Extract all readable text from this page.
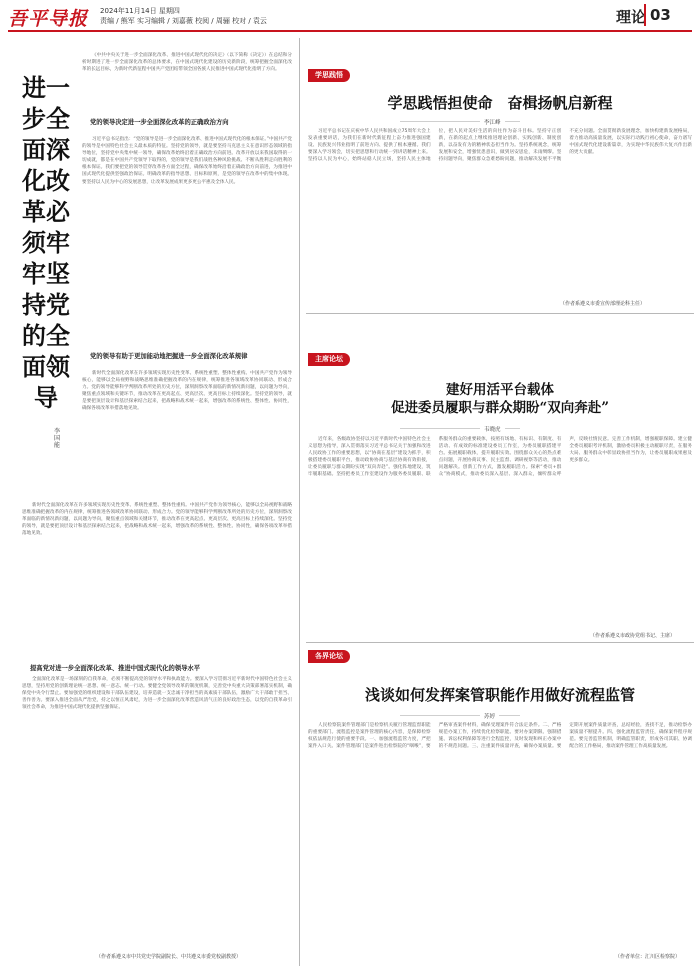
吾平导报 2024年11月14日 星期四
责编 / 熊军 实习编辑 / 刘嘉薇 校阅 / 周骊 校对 / 袁云	理论 03
进一步全面深化改革必须牢牢坚持党的全面领导
李国能
《中共中央关于进一步全面深化改革、推进中国式现代化的决定》（以下简称《决定》）在总结和分析时期进了进一步全面深化改革的总体要求，在中国式现代化建设的历史新阶段，统筹把握全面深化改革的长远目标，为新时代新征程中国共产党团结带领全国各族人民推进中国式现代化指明了方向。
党的领导决定进一步全面深化改革的正确政治方向
习近平总书记指出：“党的领导是进一步全面深化改革、推进中国式现代化的根本保证。”中国共产党的领导是中国特色社会主义最本质的特征。坚持党的领导，就是要坚持马克思主义在意识形态领域的指导地位，坚持党中央集中统一领导，确保改革始终沿着正确政治方向前进。改革开放以来我国取得的一切成就，都是在中国共产党领导下取得的，党的领导是我们战胜各种风险挑战、不断从胜利走向胜利的根本保证。我们要把党的领导贯穿改革各方面全过程，确保改革始终沿着正确政治方向前进，为推进中国式现代化提供坚强政治保证。明确改革的指导思想、目标和原则，是党的领导在改革中的集中体现。要坚持以人民为中心的发展思想，让改革发展成果更多更公平惠及全体人民。
党的领导有助于更加能动地把握进一步全面深化改革规律
新时代全面深化改革在许多领域实现历史性变革、系统性重塑、整体性重构。中国共产党作为领导核心，能够以全局视野和战略思维准确把握改革的内在规律，统筹推进各领域改革协同联动、形成合力。党的领导能够科学判断改革所处的历史方位，深刻洞察改革面临的新情况新问题，以问题为导向，聚焦重点领域和关键环节，推动改革在更高起点、更高层次、更高目标上持续深化。坚持党的领导，就是要把顶层设计和基层探索结合起来，把战略和战术统一起来，增强改革的系统性、整体性、协同性，确保各项改革举措落地见效。
新时代全面深化改革在许多领域实现历史性变革、系统性重塑、整体性重构。中国共产党作为领导核心，能够以全局视野和战略思维准确把握改革的内在规律，统筹推进各领域改革协同联动、形成合力。党的领导能够科学判断改革所处的历史方位，深刻洞察改革面临的新情况新问题，以问题为导向，聚焦重点领域和关键环节，推动改革在更高起点、更高层次、更高目标上持续深化。坚持党的领导，就是要把顶层设计和基层探索结合起来，把战略和战术统一起来，增强改革的系统性、整体性、协同性，确保各项改革举措落地见效。
提高党对进一步全面深化改革、推进中国式现代化的领导水平
全面深化改革是一场深刻的自我革命，必须不断提高党的领导水平和执政能力。要深入学习贯彻习近平新时代中国特色社会主义思想，坚持用党的创新理论统一思想、统一意志、统一行动。要健全党领导改革的制度机制，完善党中央重大决策部署落实机制，确保党中央令行禁止。要加强党的组织建设和干部队伍建设，培养造就一支忠诚干净担当的高素质干部队伍，激励广大干部敢于担当、善作善为。要深入推进全面从严治党，持之以恒正风肃纪，为进一步全面深化改革营造风清气正的良好政治生态，以党的自我革命引领社会革命，为推进中国式现代化提供坚强保证。
（作者系遵义市中共党史学院副院长、中共遵义市委党校副教授）
学思践悟
学思践悟担使命　奋楫扬帆启新程
李江峰
习近平总书记在庆祝中华人民共和国成立75周年大会上发表重要讲话，为我们在新时代新征程上奋力推进强国建设、民族复兴伟业指明了前进方向、提供了根本遵循。我们要深入学习领会，切实把思想和行动统一到讲话精神上来。坚持以人民为中心，始终站稳人民立场，坚持人民主体地位，把人民对美好生活的向往作为奋斗目标。坚持守正创新，在新的起点上继续推进理论创新、实践创新、制度创新，以奋发有为的精神状态担当作为。坚持系统观念，统筹发展和安全，增强忧患意识，做到居安思危，未雨绸缪。坚持问题导向，聚焦群众急难愁盼问题，推动解决发展不平衡不充分问题。全面贯彻新发展理念，加快构建新发展格局，着力推动高质量发展，以实际行动践行初心使命，奋力谱写中国式现代化建设新篇章，为实现中华民族伟大复兴作出新的更大贡献。
（作者系遵义市委宣传部理论科主任）
主席论坛
建好用活平台载体
促进委员履职与群众期盼“双向奔赴”
韦晓虎
近年来，各级政协坚持以习近平新时代中国特色社会主义思想为指导，深入贯彻落实习近平总书记关于加强和改进人民政协工作的重要思想，以“协商在基层”建设为抓手，积极搭建委员履职平台，推动政协协商与基层协商有效衔接，让委员履职与群众期盼实现“双向奔赴”。强化阵地建设，筑牢履职基础。坚持把委员工作室建设作为服务委员履职、联系服务群众的重要载体，按照有场地、有标识、有制度、有活动、有成效的标准建设委员工作室，为委员履职搭建平台。拓展履职载体，提升履职实效。围绕群众关心的热点难点问题，开展协商议事、民主监督、调研视察等活动，推动问题解决。创新工作方式，激发履职活力。探索“委员+群众”协商模式，推动委员深入基层、深入群众，倾听群众呼声，反映社情民意。完善工作机制，增强履职保障。建立健全委员履职考评机制，激励委员积极主动履职尽责，在服务大局、服务群众中彰显政协担当作为，让委员履职成果惠及更多群众。
（作者系遵义市政协党组书记、主席）
各界论坛
浅谈如何发挥案管职能作用做好流程监管
苏婷
人民检察院案件管理部门是检察机关履行管理监督职能的重要部门。流程监控是案件管理的核心内容，是保障检察权依法规范行使的重要手段。一、加强流程监管力度，严把案件入口关。案件管理部门是案件进出检察院的“咽喉”，要严格审查案件材料，确保受理案件符合法定条件。二、严格规范办案工作，持续优化检察职能。要对办案期限、强制措施、诉讼权利保障等进行全程监控，及时发现和纠正办案中的不规范问题。三、注重案件质量评查，确保办案质量。要定期开展案件质量评查，总结经验，查找不足，推动检察办案质量不断提升。四、强化流程监管责任，确保案件程序规范。要完善监管机制，明确监管职责，形成各司其职、协调配合的工作格局，推动案件管理工作高质量发展。
（作者单位：汇川区检察院）
